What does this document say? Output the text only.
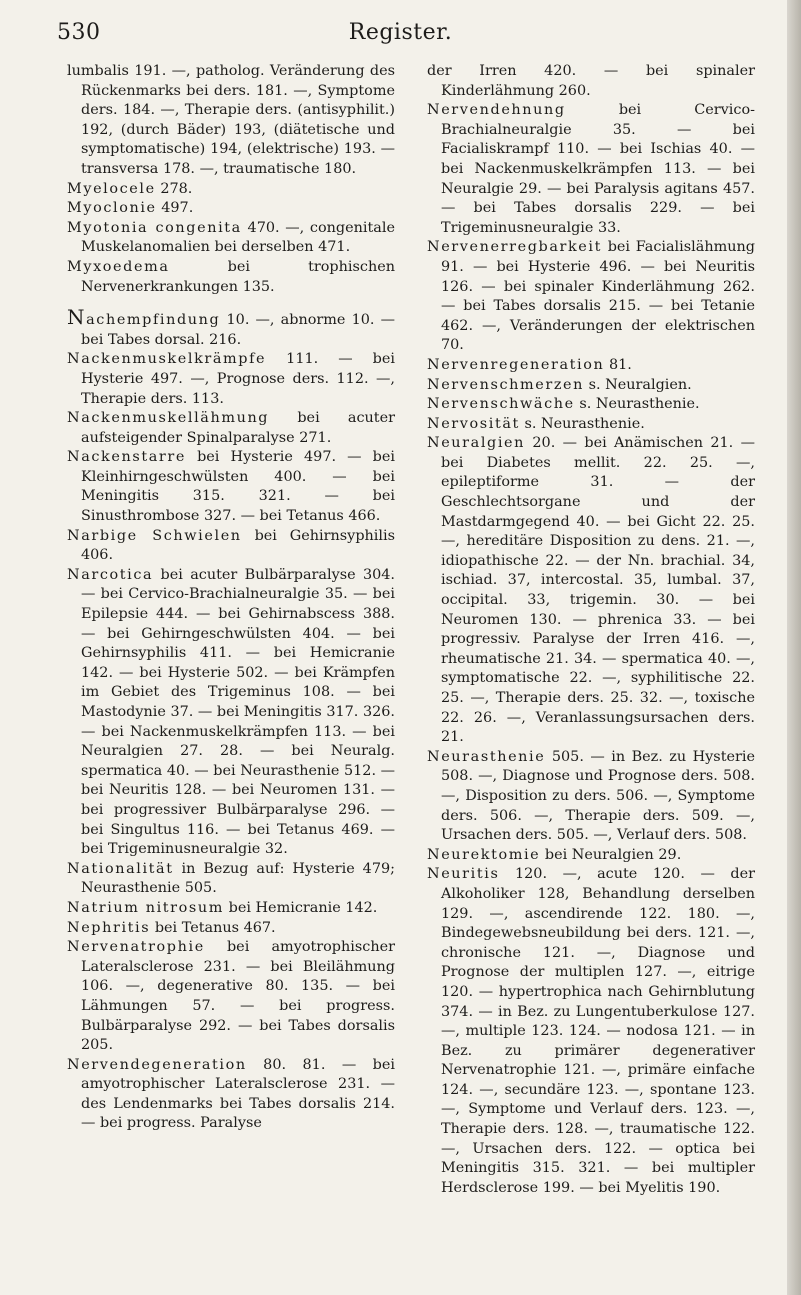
530	Register.

lumbalis 191. —, patholog. Veränderung des Rückenmarks bei ders. 181. —, Symptome ders. 184. —, Therapie ders. (antisyphilit.) 192, (durch Bäder) 193, (diätetische und symptomatische) 194, (elektrische) 193. — transversa 178. —, traumatische 180.

Myelocele 278.

Myoclonie 497.

Myotonia congenita 470. —, congenitale Muskelanomalien bei derselben 471.

Myxoedema bei trophischen Nervenerkrankungen 135.

Nachempfindung 10. —, abnorme 10. — bei Tabes dorsal. 216.

Nackenmuskelkrämpfe 111. — bei Hysterie 497. —, Prognose ders. 112. —, Therapie ders. 113.

Nackenmuskellähmung bei acuter aufsteigender Spinalparalyse 271.

Nackenstarre bei Hysterie 497. — bei Kleinhirngeschwülsten 400. — bei Meningitis 315. 321. — bei Sinusthrombose 327. — bei Tetanus 466.

Narbige Schwielen bei Gehirnsyphilis 406.

Narcotica bei acuter Bulbärparalyse 304. — bei Cervico-Brachialneuralgie 35. — bei Epilepsie 444. — bei Gehirnabscess 388. — bei Gehirngeschwülsten 404. — bei Gehirnsyphilis 411. — bei Hemicranie 142. — bei Hysterie 502. — bei Krämpfen im Gebiet des Trigeminus 108. — bei Mastodynie 37. — bei Meningitis 317. 326. — bei Nackenmuskelkrämpfen 113. — bei Neuralgien 27. 28. — bei Neuralg. spermatica 40. — bei Neurasthenie 512. — bei Neuritis 128. — bei Neuromen 131. — bei progressiver Bulbärparalyse 296. — bei Singultus 116. — bei Tetanus 469. — bei Trigeminusneuralgie 32.

Nationalität in Bezug auf: Hysterie 479; Neurasthenie 505.

Natrium nitrosum bei Hemicranie 142.

Nephritis bei Tetanus 467.

Nervenatrophie bei amyotrophischer Lateralsclerose 231. — bei Bleilähmung 106. —, degenerative 80. 135. — bei Lähmungen 57. — bei progress. Bulbärparalyse 292. — bei Tabes dorsalis 205.

Nervendegeneration 80. 81. — bei amyotrophischer Lateralsclerose 231. — des Lendenmarks bei Tabes dorsalis 214. — bei progress. Paralyse

der Irren 420. — bei spinaler Kinderlähmung 260.

Nervendehnung bei Cervico-Brachialneuralgie 35. — bei Facialiskrampf 110. — bei Ischias 40. — bei Nackenmuskelkrämpfen 113. — bei Neuralgie 29. — bei Paralysis agitans 457. — bei Tabes dorsalis 229. — bei Trigeminusneuralgie 33.

Nervenerregbarkeit bei Facialislähmung 91. — bei Hysterie 496. — bei Neuritis 126. — bei spinaler Kinderlähmung 262. — bei Tabes dorsalis 215. — bei Tetanie 462. —, Veränderungen der elektrischen 70.

Nervenregeneration 81.

Nervenschmerzen s. Neuralgien.

Nervenschwäche s. Neurasthenie.

Nervosität s. Neurasthenie.

Neuralgien 20. — bei Anämischen 21. — bei Diabetes mellit. 22. 25. —, epileptiforme 31. — der Geschlechtsorgane und der Mastdarmgegend 40. — bei Gicht 22. 25. —, hereditäre Disposition zu dens. 21. —, idiopathische 22. — der Nn. brachial. 34, ischiad. 37, intercostal. 35, lumbal. 37, occipital. 33, trigemin. 30. — bei Neuromen 130. — phrenica 33. — bei progressiv. Paralyse der Irren 416. —, rheumatische 21. 34. — spermatica 40. —, symptomatische 22. —, syphilitische 22. 25. —, Therapie ders. 25. 32. —, toxische 22. 26. —, Veranlassungsursachen ders. 21.

Neurasthenie 505. — in Bez. zu Hysterie 508. —, Diagnose und Prognose ders. 508. —, Disposition zu ders. 506. —, Symptome ders. 506. —, Therapie ders. 509. —, Ursachen ders. 505. —, Verlauf ders. 508.

Neurektomie bei Neuralgien 29.

Neuritis 120. —, acute 120. — der Alkoholiker 128, Behandlung derselben 129. —, ascendirende 122. 180. —, Bindegewebsneubildung bei ders. 121. —, chronische 121. —, Diagnose und Prognose der multiplen 127. —, eitrige 120. — hypertrophica nach Gehirnblutung 374. — in Bez. zu Lungentuberkulose 127. —, multiple 123. 124. — nodosa 121. — in Bez. zu primärer degenerativer Nervenatrophie 121. —, primäre einfache 124. —, secundäre 123. —, spontane 123. —, Symptome und Verlauf ders. 123. —, Therapie ders. 128. —, traumatische 122. —, Ursachen ders. 122. — optica bei Meningitis 315. 321. — bei multipler Herdsclerose 199. — bei Myelitis 190.
